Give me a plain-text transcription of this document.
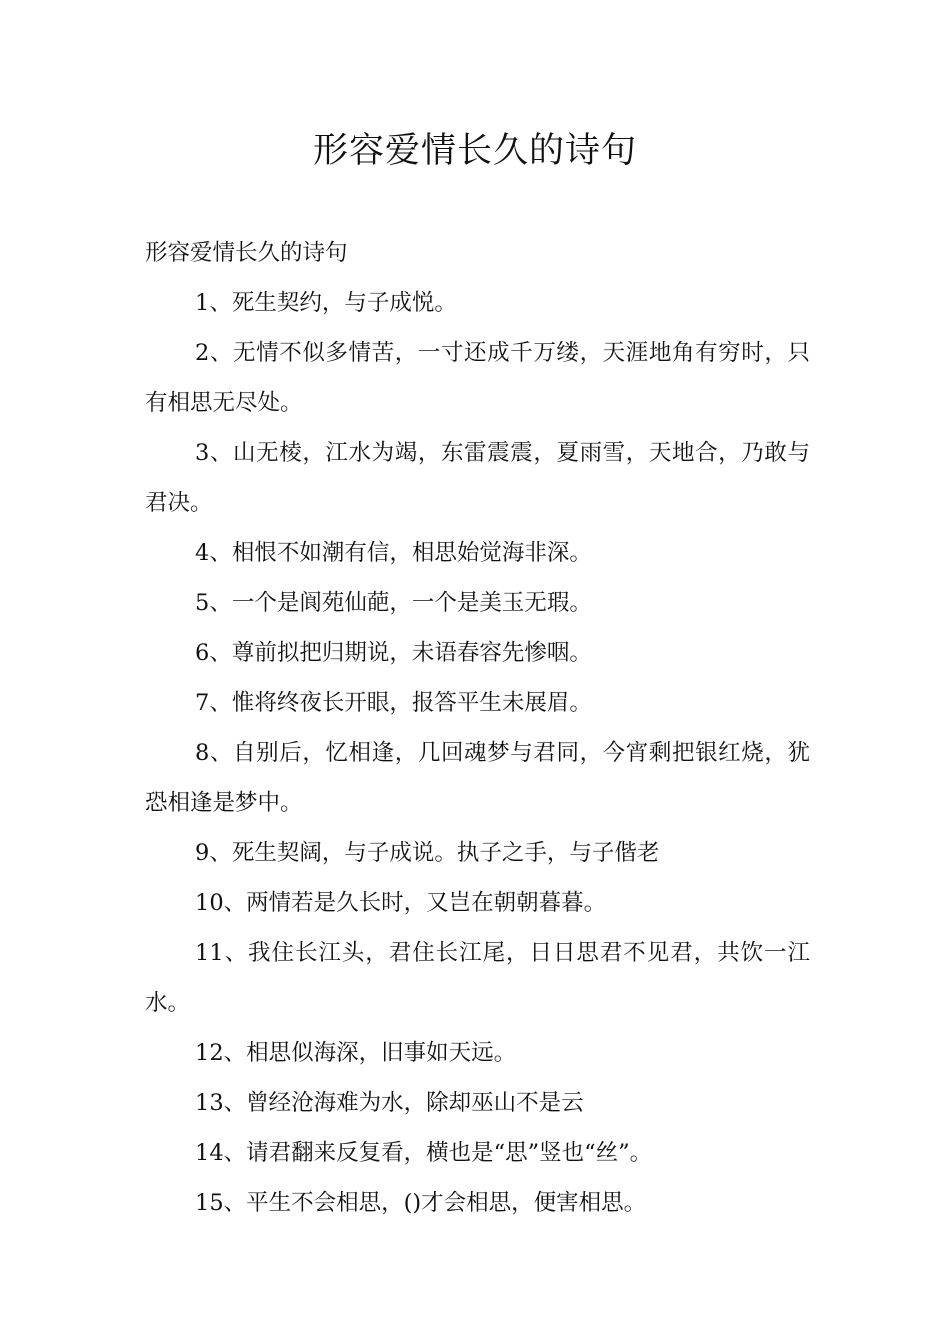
形容爱情长久的诗句

形容爱情长久的诗句

1、死生契约，与子成悦。

2、无情不似多情苦，一寸还成千万缕，天涯地角有穷时，只有相思无尽处。

3、山无棱，江水为竭，东雷震震，夏雨雪，天地合，乃敢与君决。

4、相恨不如潮有信，相思始觉海非深。

5、一个是阆苑仙葩，一个是美玉无瑕。

6、尊前拟把归期说，未语春容先惨咽。

7、惟将终夜长开眼，报答平生未展眉。

8、自别后，忆相逢，几回魂梦与君同，今宵剩把银红烧，犹恐相逢是梦中。

9、死生契阔，与子成说。执子之手，与子偕老

10、两情若是久长时，又岂在朝朝暮暮。

11、我住长江头，君住长江尾，日日思君不见君，共饮一江水。

12、相思似海深，旧事如天远。

13、曾经沧海难为水，除却巫山不是云

14、请君翻来反复看，横也是“思”竖也“丝”。

15、平生不会相思，()才会相思，便害相思。
